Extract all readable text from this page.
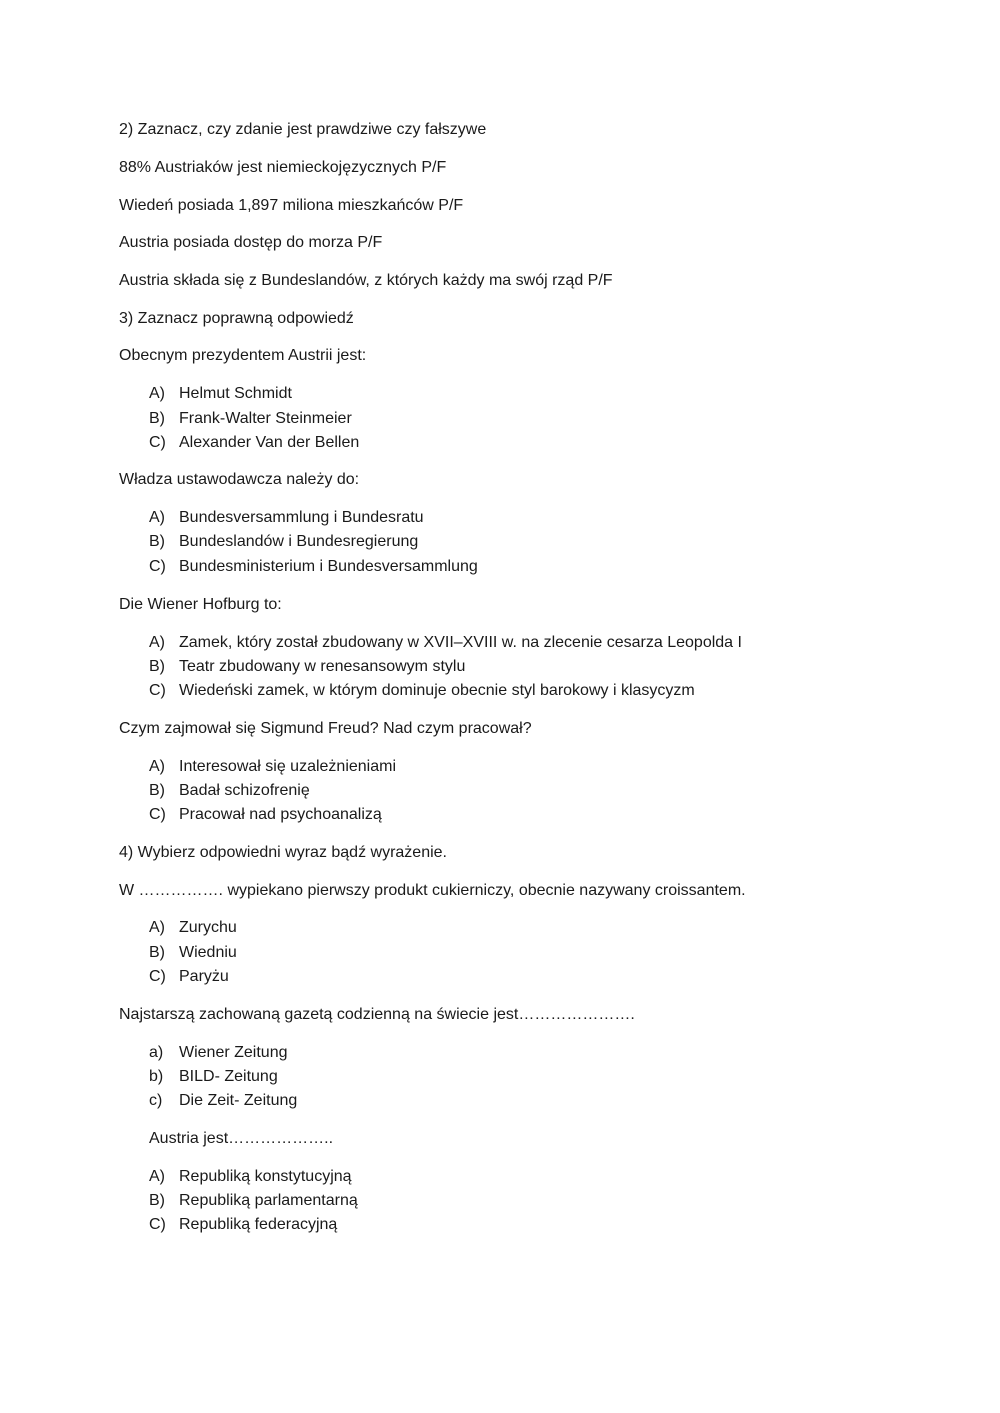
2) Zaznacz, czy zdanie jest prawdziwe czy fałszywe

88% Austriaków jest niemieckojęzycznych P/F

Wiedeń posiada 1,897 miliona mieszkańców P/F

Austria posiada dostęp do morza P/F

Austria składa się z Bundeslandów, z których każdy ma swój rząd P/F

3) Zaznacz poprawną odpowiedź

Obecnym prezydentem Austrii jest:

A) Helmut Schmidt

B) Frank-Walter Steinmeier

C) Alexander Van der Bellen

Władza ustawodawcza należy do:

A) Bundesversammlung i Bundesratu

B) Bundeslandów i Bundesregierung

C) Bundesministerium i Bundesversammlung

Die Wiener Hofburg to:

A) Zamek, który został zbudowany w XVII–XVIII w. na zlecenie cesarza Leopolda I

B) Teatr zbudowany w renesansowym stylu

C) Wiedeński zamek, w którym dominuje obecnie styl barokowy i klasycyzm

Czym zajmował się Sigmund Freud? Nad czym pracował?

A) Interesował się uzależnieniami

B) Badał schizofrenię

C) Pracował nad psychoanalizą

4) Wybierz odpowiedni wyraz bądź wyrażenie.

W ……………. wypiekano pierwszy produkt cukierniczy, obecnie nazywany croissantem.

A) Zurychu

B) Wiedniu

C) Paryżu

Najstarszą zachowaną gazetą codzienną na świecie jest………………….

a) Wiener Zeitung

b) BILD- Zeitung

c) Die Zeit- Zeitung

Austria jest………………..

A) Republiką konstytucyjną

B) Republiką parlamentarną

C) Republiką federacyjną
